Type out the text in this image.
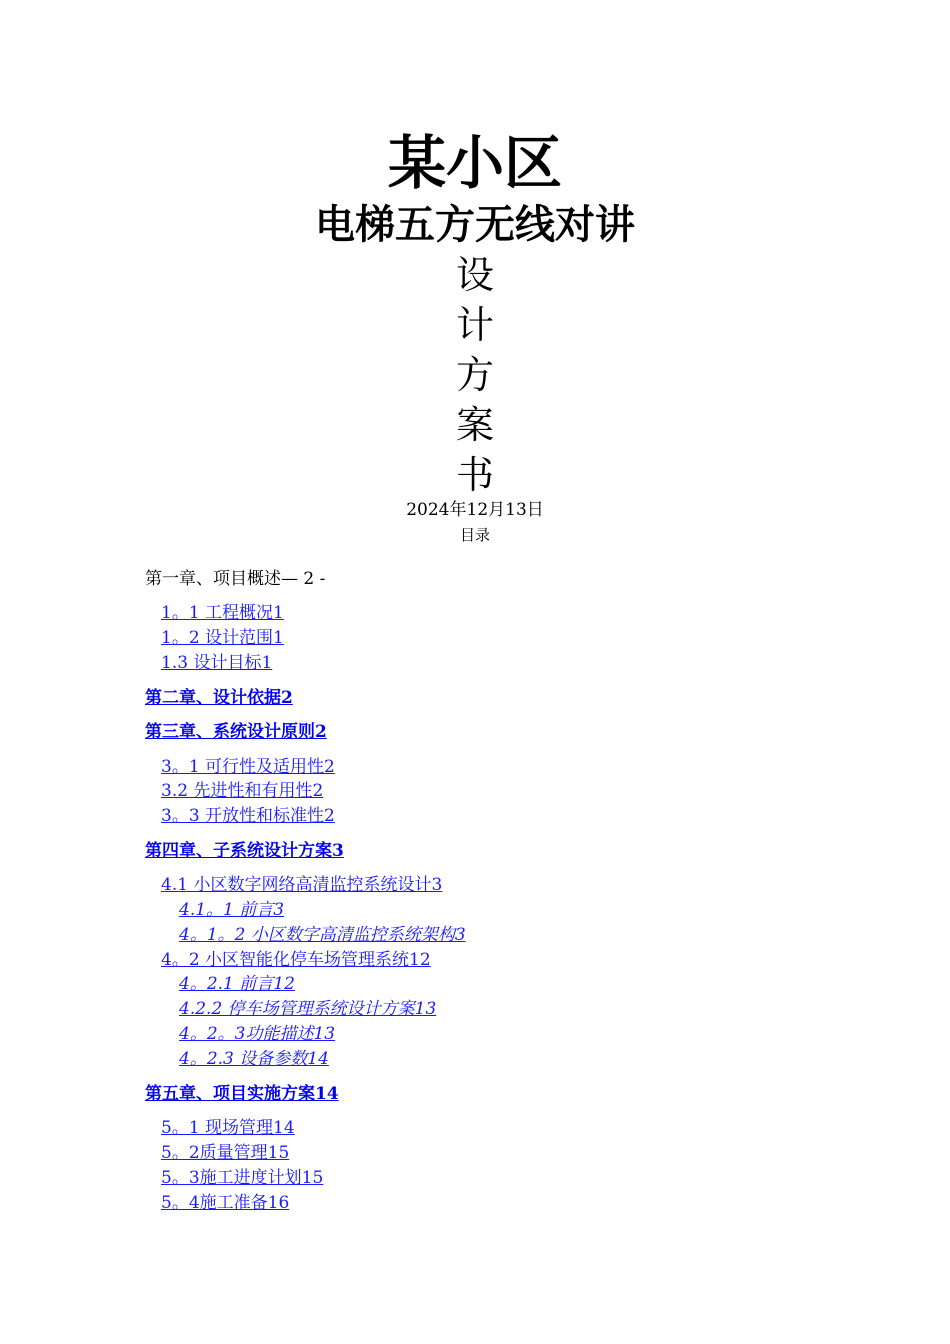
某小区
电梯五方无线对讲
设
计
方
案
书
2024年12月13日
目录
第一章、项目概述— 2 -
1。1 工程概况1
1。2 设计范围1
1.3 设计目标1
第二章、设计依据2
第三章、系统设计原则2
3。1 可行性及适用性2
3.2 先进性和有用性2
3。3 开放性和标准性2
第四章、子系统设计方案3
4.1 小区数字网络高清监控系统设计3
4.1。1 前言3
4。1。2 小区数字高清监控系统架构3
4。2 小区智能化停车场管理系统12
4。2.1 前言12
4.2.2 停车场管理系统设计方案13
4。2。3功能描述13
4。2.3 设备参数14
第五章、项目实施方案14
5。1 现场管理14
5。2质量管理15
5。3施工进度计划15
5。4施工准备16
